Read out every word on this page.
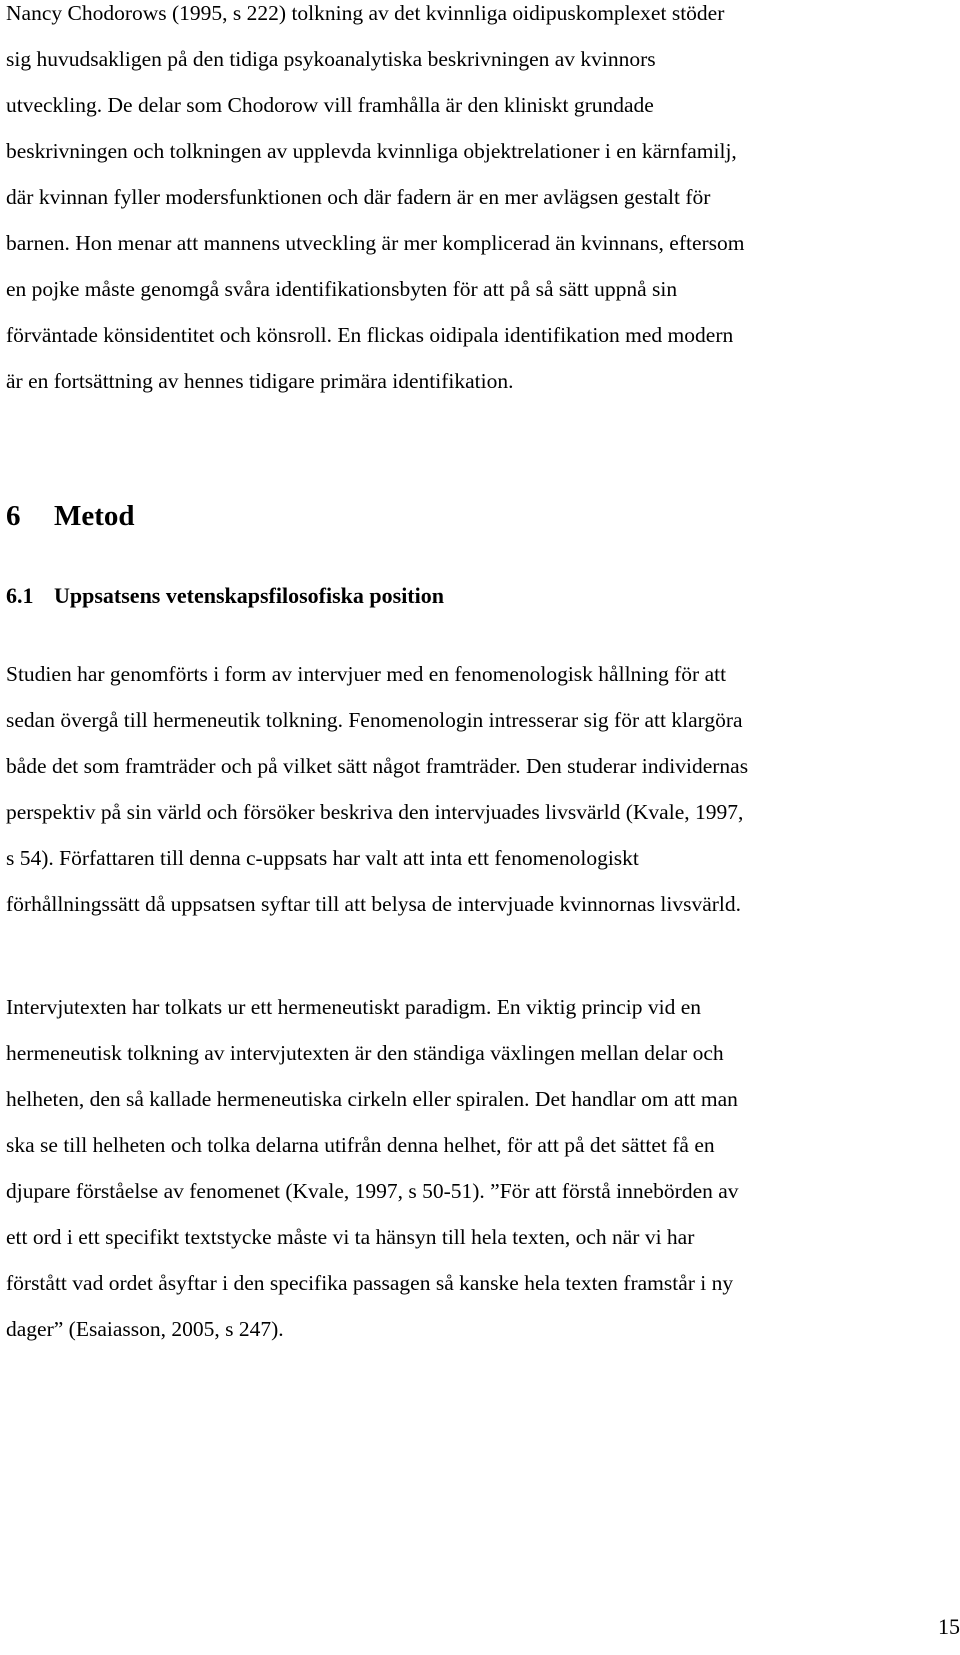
Nancy Chodorows (1995, s 222) tolkning av det kvinnliga oidipuskomplexet stöder
sig huvudsakligen på den tidiga psykoanalytiska beskrivningen av kvinnors
utveckling. De delar som Chodorow vill framhålla är den kliniskt grundade
beskrivningen och tolkningen av upplevda kvinnliga objektrelationer i en kärnfamilj,
där kvinnan fyller modersfunktionen och där fadern är en mer avlägsen gestalt för
barnen. Hon menar att mannens utveckling är mer komplicerad än kvinnans, eftersom
en pojke måste genomgå svåra identifikationsbyten för att på så sätt uppnå sin
förväntade könsidentitet och könsroll. En flickas oidipala identifikation med modern
är en fortsättning av hennes tidigare primära identifikation.

6 Metod
6.1 Uppsatsens vetenskapsfilosofiska position

Studien har genomförts i form av intervjuer med en fenomenologisk hållning för att
sedan övergå till hermeneutik tolkning. Fenomenologin intresserar sig för att klargöra
både det som framträder och på vilket sätt något framträder. Den studerar individernas
perspektiv på sin värld och försöker beskriva den intervjuades livsvärld (Kvale, 1997,
s 54). Författaren till denna c-uppsats har valt att inta ett fenomenologiskt
förhållningssätt då uppsatsen syftar till att belysa de intervjuade kvinnornas livsvärld.

Intervjutexten har tolkats ur ett hermeneutiskt paradigm. En viktig princip vid en
hermeneutisk tolkning av intervjutexten är den ständiga växlingen mellan delar och
helheten, den så kallade hermeneutiska cirkeln eller spiralen. Det handlar om att man
ska se till helheten och tolka delarna utifrån denna helhet, för att på det sättet få en
djupare förståelse av fenomenet (Kvale, 1997, s 50-51). ”För att förstå innebörden av
ett ord i ett specifikt textstycke måste vi ta hänsyn till hela texten, och när vi har
förstått vad ordet åsyftar i den specifika passagen så kanske hela texten framstår i ny
dager” (Esaiasson, 2005, s 247).

15
